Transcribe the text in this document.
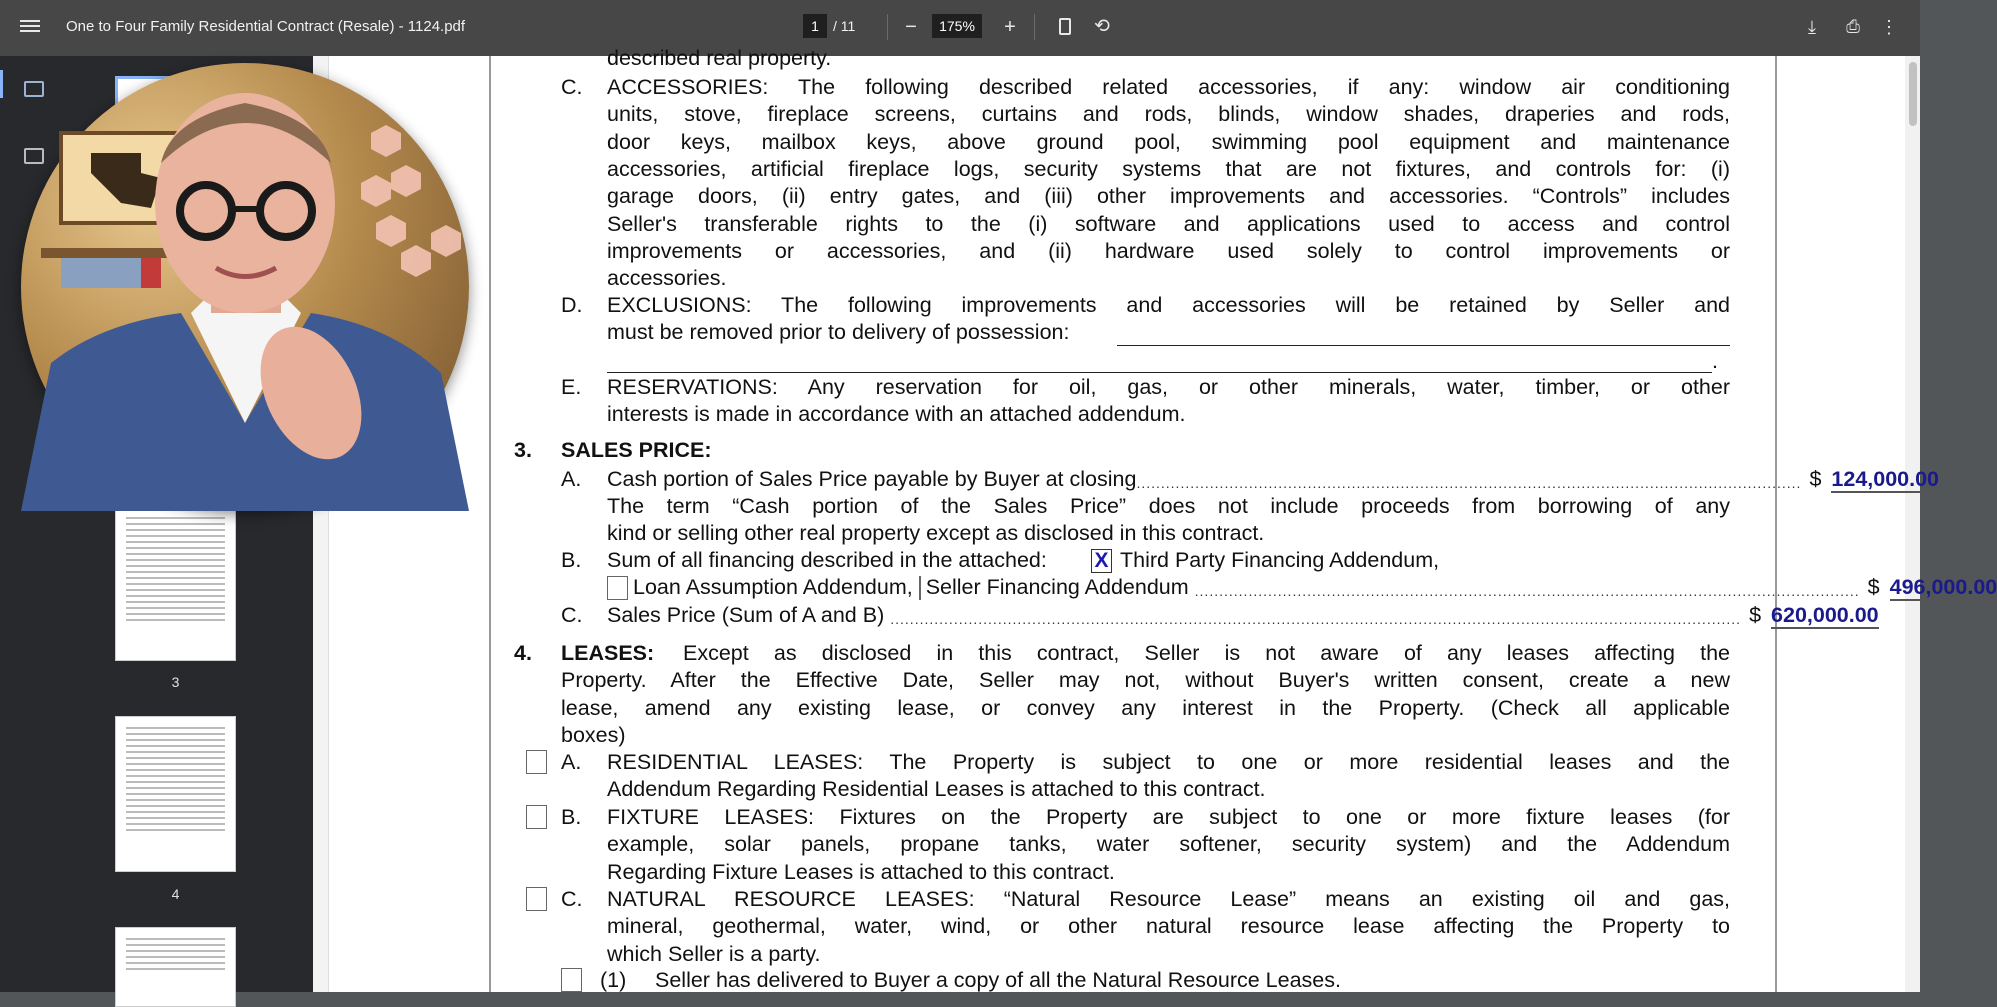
One to Four Family Residential Contract (Resale) - 1124.pdf
1	/ 11 −
175%	+	⟲	⤓	⎙	⋮
3
4
described real property.
C. ACCESSORIES: The following described related accessories, if any: window air conditioning
units, stove, fireplace screens, curtains and rods, blinds, window shades, draperies and rods,
door keys, mailbox keys, above ground pool, swimming pool equipment and maintenance
accessories, artificial fireplace logs, security systems that are not fixtures, and controls for: (i)
garage doors, (ii) entry gates, and (iii) other improvements and accessories. “Controls” includes
Seller's transferable rights to the (i) software and applications used to access and control
improvements or accessories, and (ii) hardware used solely to control improvements or
accessories.
D. EXCLUSIONS: The following improvements and accessories will be retained by Seller and
must be removed prior to delivery of possession:
.
E. RESERVATIONS: Any reservation for oil, gas, or other minerals, water, timber, or other
interests is made in accordance with an attached addendum.
3. SALES PRICE:
A. Cash portion of Sales Price payable by Buyer at closing ........................................................................................................................................ $ 124,000.00
The term “Cash portion of the Sales Price” does not include proceeds from borrowing of any
kind or selling other real property except as disclosed in this contract.
B. Sum of all financing described in the attached: X Third Party Financing Addendum,
Loan Assumption Addendum, Seller Financing Addendum ........................................................................................................................................ $ 496,000.00
C. Sales Price (Sum of A and B) .............................................................................................................................................................................. $ 620,000.00
4. LEASES: Except as disclosed in this contract, Seller is not aware of any leases affecting the
Property. After the Effective Date, Seller may not, without Buyer's written consent, create a new
lease, amend any existing lease, or convey any interest in the Property. (Check all applicable
boxes)
A. RESIDENTIAL LEASES: The Property is subject to one or more residential leases and the
Addendum Regarding Residential Leases is attached to this contract.
B. FIXTURE LEASES: Fixtures on the Property are subject to one or more fixture leases (for
example, solar panels, propane tanks, water softener, security system) and the Addendum
Regarding Fixture Leases is attached to this contract.
C. NATURAL RESOURCE LEASES: “Natural Resource Lease” means an existing oil and gas,
mineral, geothermal, water, wind, or other natural resource lease affecting the Property to
which Seller is a party.
(1) Seller has delivered to Buyer a copy of all the Natural Resource Leases.
